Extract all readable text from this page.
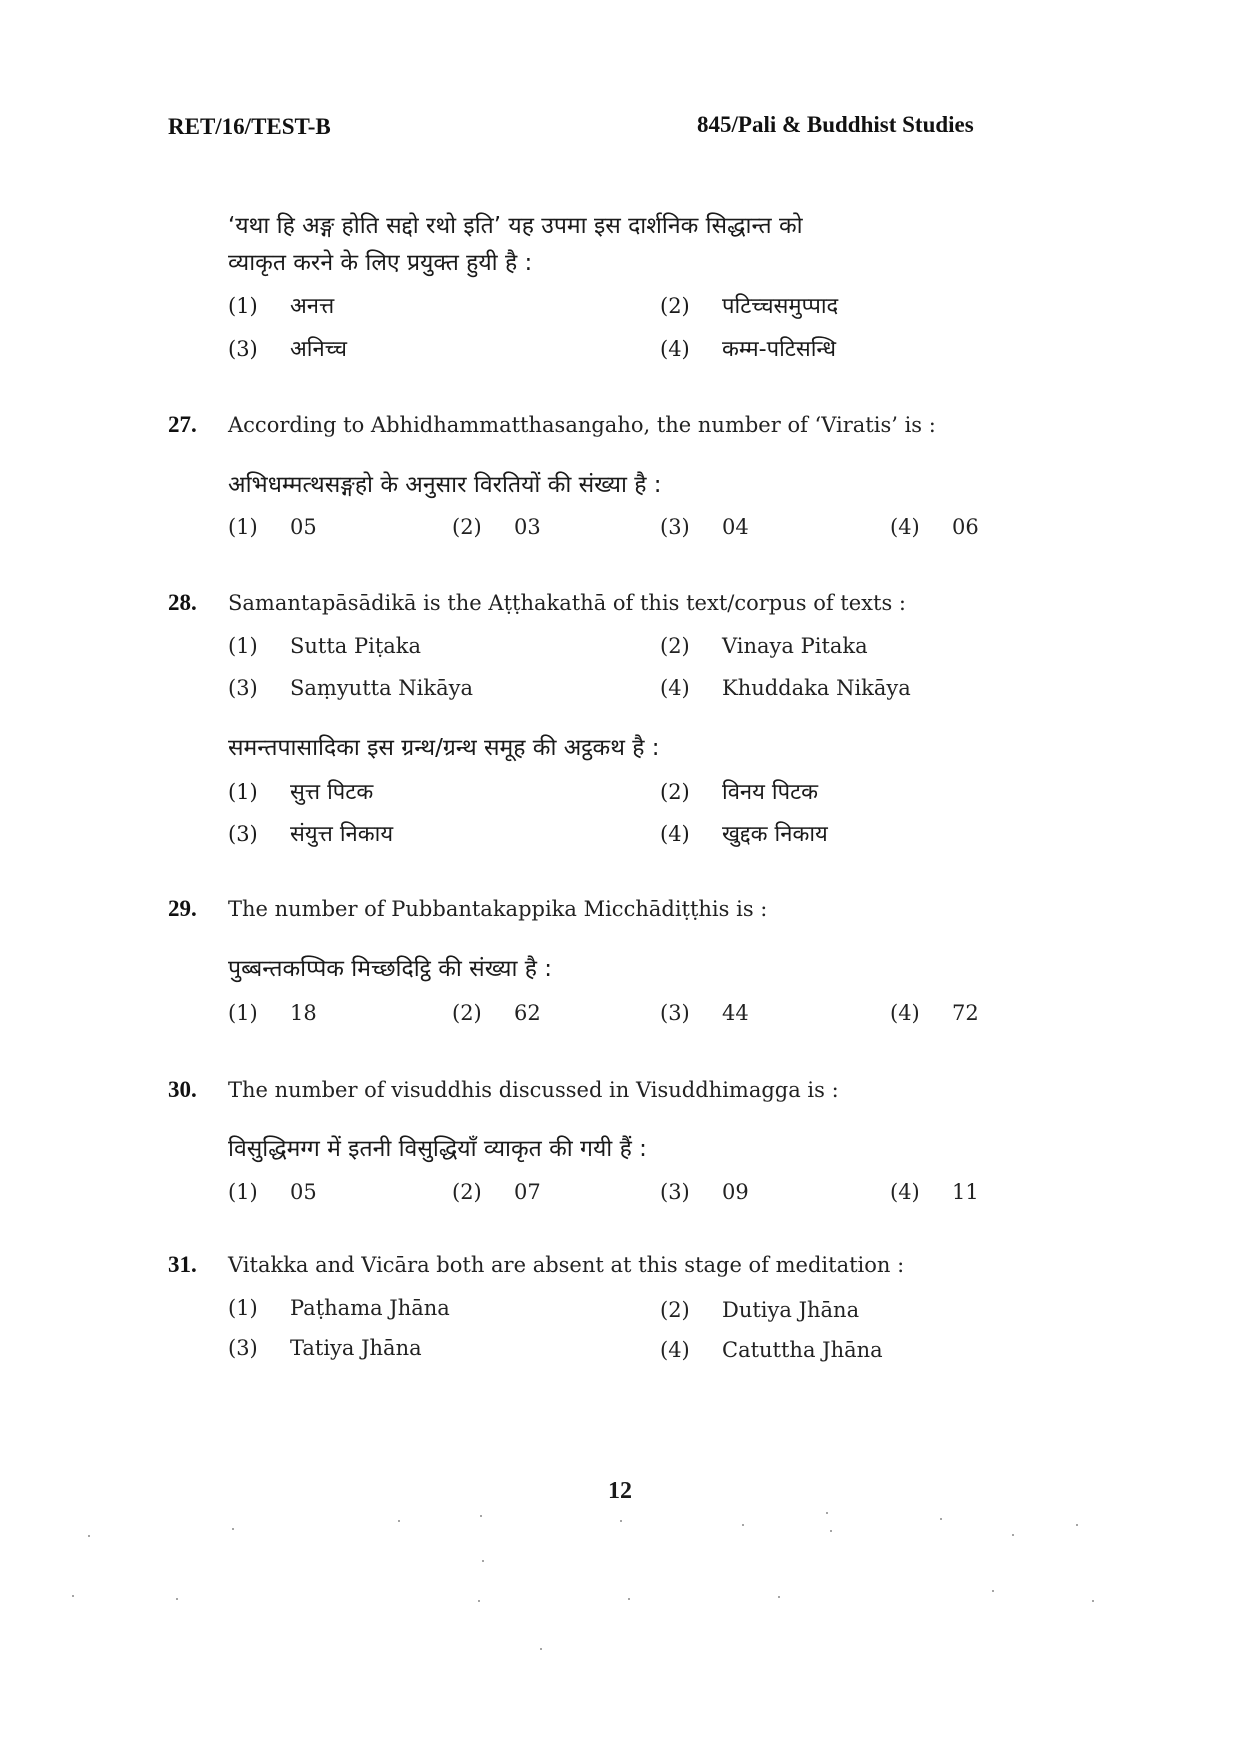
RET/16/TEST-B	845/Pali & Buddhist Studies
‘यथा हि अङ्ग होति सद्दो रथो इति’ यह उपमा इस दार्शनिक सिद्धान्त को
व्याकृत करने के लिए प्रयुक्त हुयी है :
(1) अनत्त	(2) पटिच्चसमुप्पाद
(3) अनिच्च	(4) कम्म-पटिसन्धि
27. According to Abhidhammatthasangaho, the number of ‘Viratis’ is :
अभिधम्मत्थसङ्गहो के अनुसार विरतियों की संख्या है :
(1) 05	(2) 03	(3) 04	(4) 06
28. Samantapāsādikā is the Aṭṭhakathā of this text/corpus of texts :
(1) Sutta Piṭaka	(2) Vinaya Pitaka
(3) Saṃyutta Nikāya	(4) Khuddaka Nikāya
समन्तपासादिका इस ग्रन्थ/ग्रन्थ समूह की अट्ठकथ है :
(1) सुत्त पिटक	(2) विनय पिटक
(3) संयुत्त निकाय	(4) खुद्दक निकाय
29. The number of Pubbantakappika Micchādiṭṭhis is :
पुब्बन्तकप्पिक मिच्छदिट्ठि की संख्या है :
(1) 18	(2) 62	(3) 44	(4) 72
30. The number of visuddhis discussed in Visuddhimagga is :
विसुद्धिमग्ग में इतनी विसुद्धियाँ व्याकृत की गयी हैं :
(1) 05	(2) 07	(3) 09	(4) 11
31. Vitakka and Vicāra both are absent at this stage of meditation :
(1) Paṭhama Jhāna	(2) Dutiya Jhāna
(3) Tatiya Jhāna	(4) Catuttha Jhāna
12
